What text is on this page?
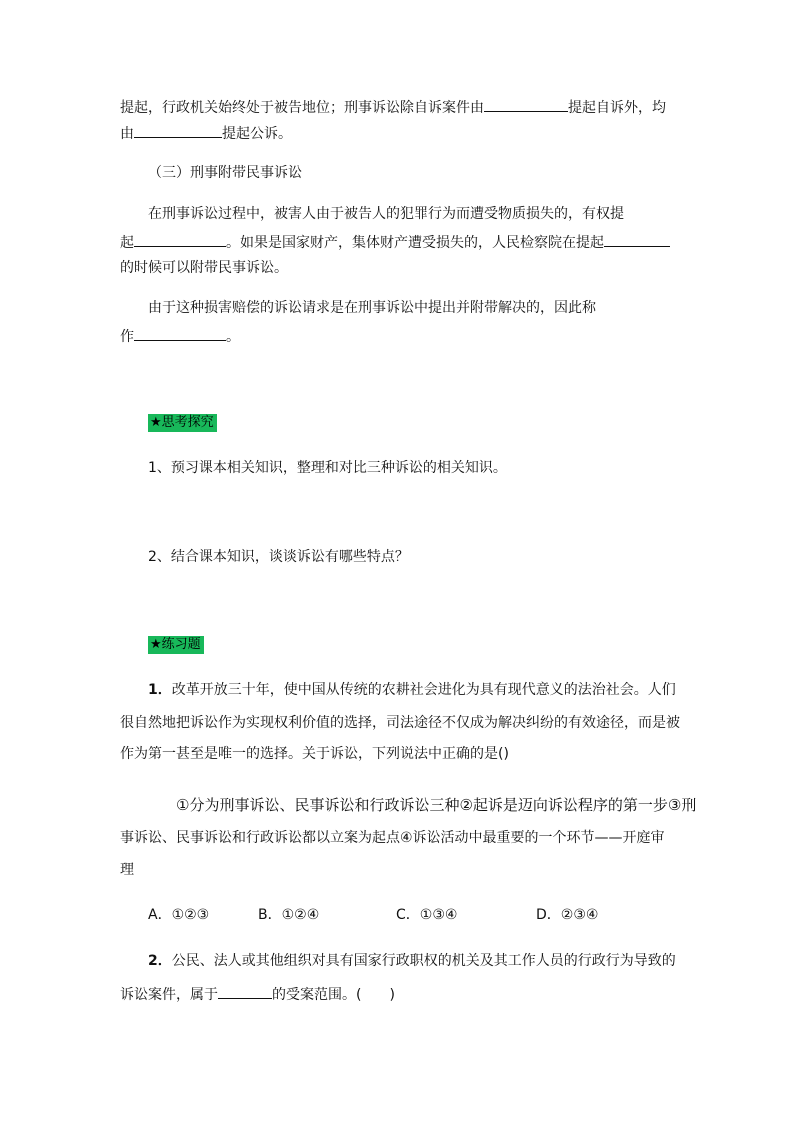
提起，行政机关始终处于被告地位；刑事诉讼除自诉案件由	提起自诉外，均
由	提起公诉。
（三）刑事附带民事诉讼
在刑事诉讼过程中，被害人由于被告人的犯罪行为而遭受物质损失的，有权提
起	。如果是国家财产，集体财产遭受损失的，人民检察院在提起
的时候可以附带民事诉讼。
由于这种损害赔偿的诉讼请求是在刑事诉讼中提出并附带解决的，因此称
作	。
★思考探究
1、预习课本相关知识，整理和对比三种诉讼的相关知识。
2、结合课本知识，谈谈诉讼有哪些特点？
★练习题
1．改革开放三十年，使中国从传统的农耕社会进化为具有现代意义的法治社会。人们
很自然地把诉讼作为实现权利价值的选择，司法途径不仅成为解决纠纷的有效途径，而是被
作为第一甚至是唯一的选择。关于诉讼，下列说法中正确的是()
①分为刑事诉讼、民事诉讼和行政诉讼三种②起诉是迈向诉讼程序的第一步③刑
事诉讼、民事诉讼和行政诉讼都以立案为起点④诉讼活动中最重要的一个环节——开庭审
理
A．①②③	B．①②④	C．①③④	D．②③④
2．公民、法人或其他组织对具有国家行政职权的机关及其工作人员的行政行为导致的
诉讼案件，属于	的受案范围。(　　)
